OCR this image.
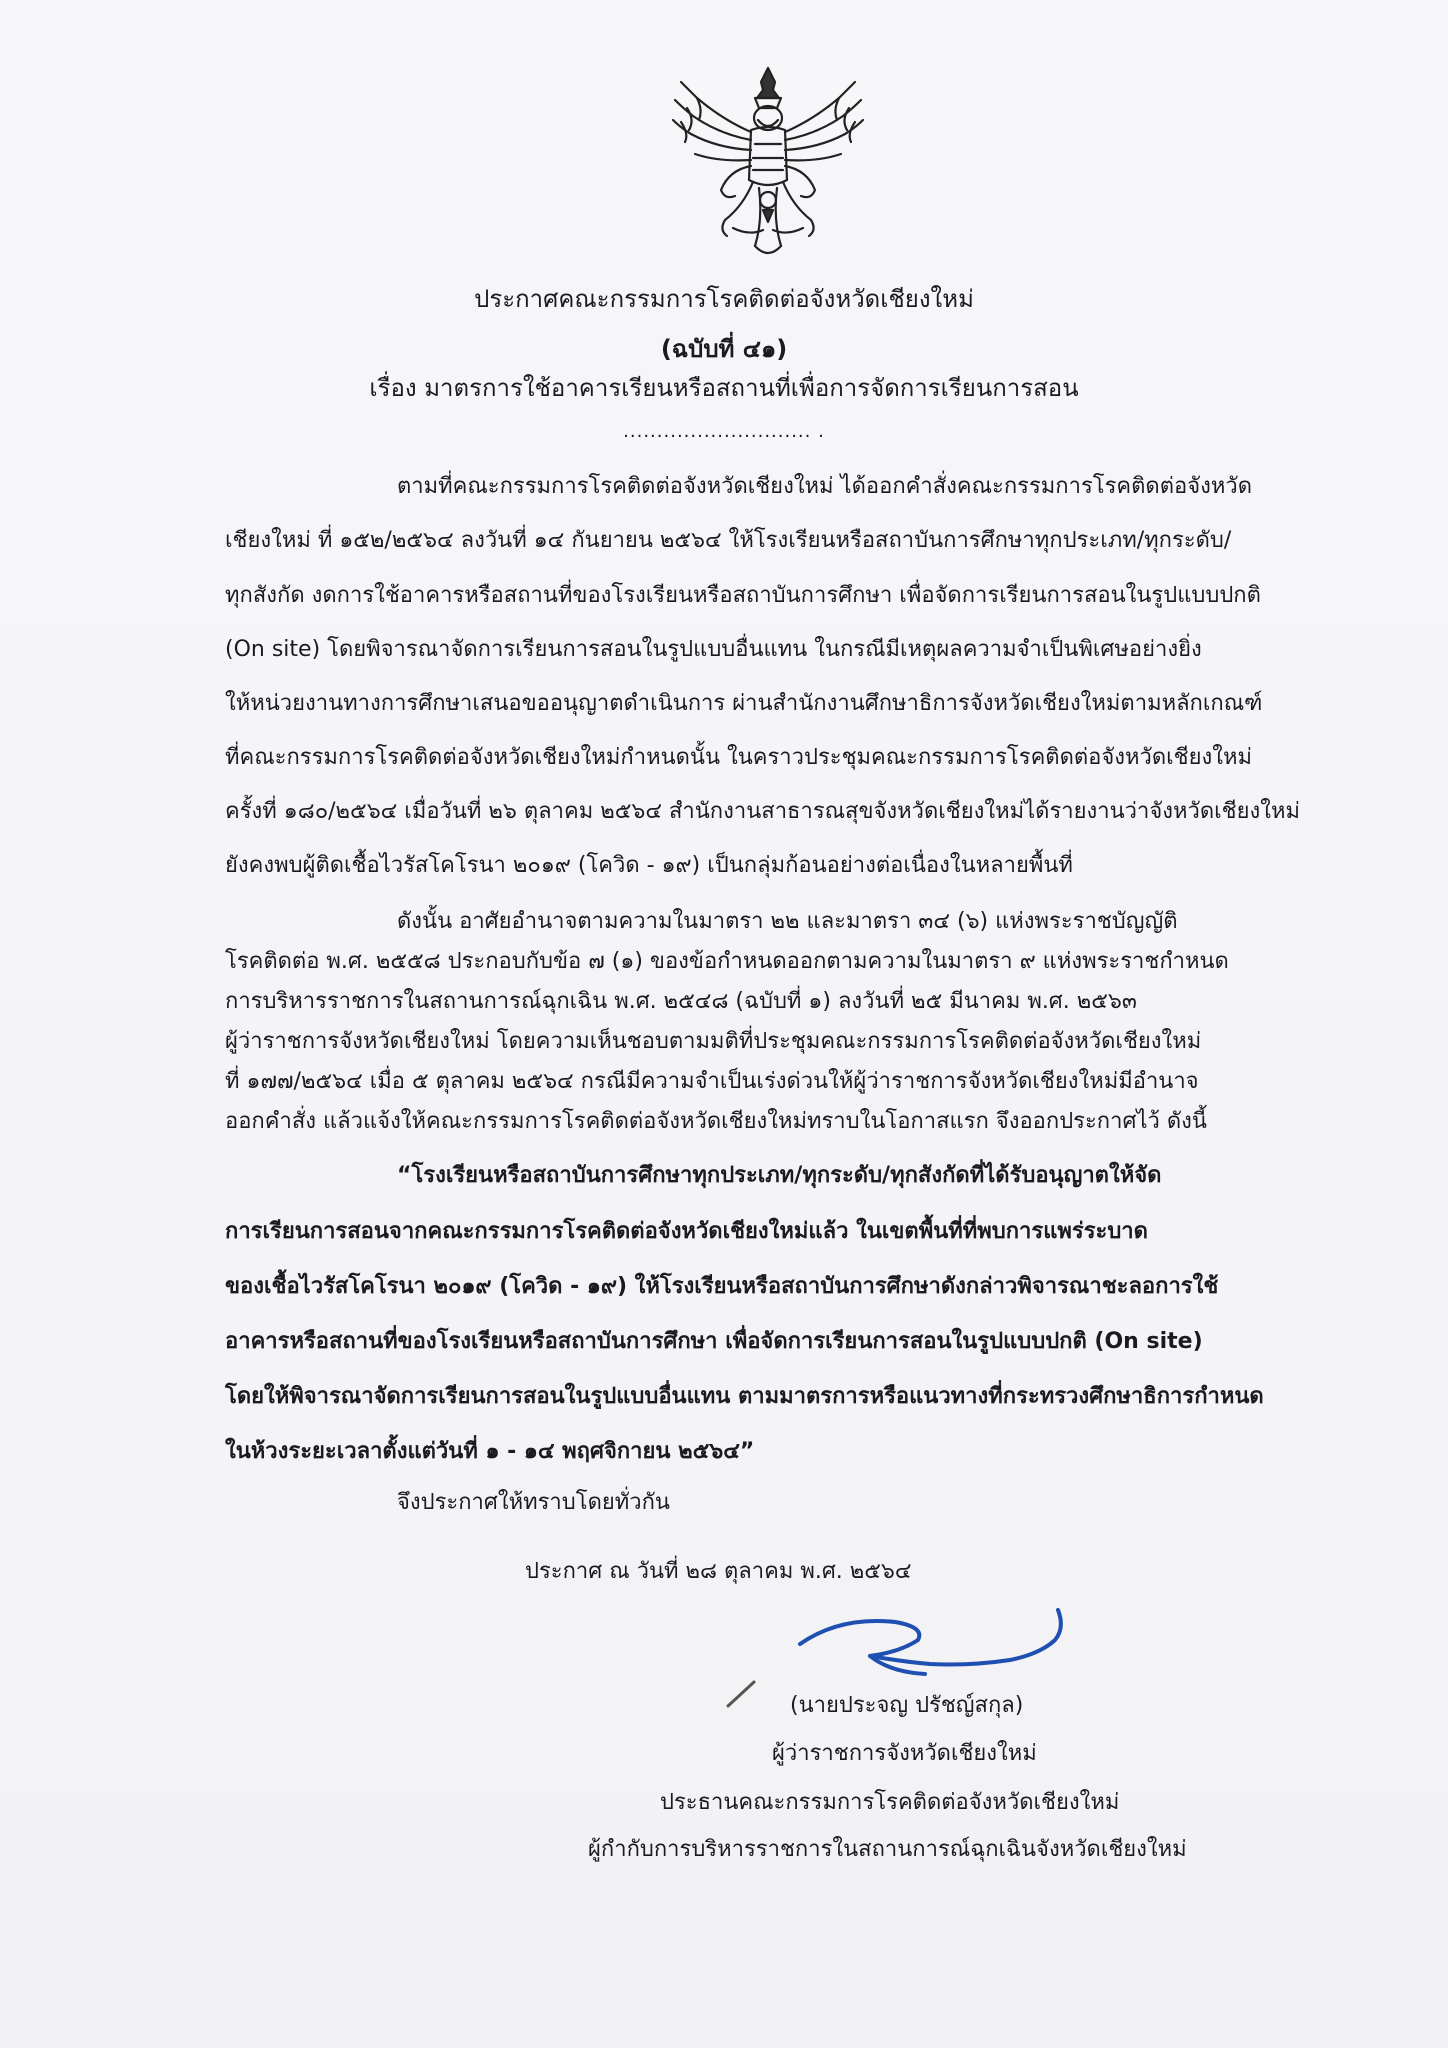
ประกาศคณะกรรมการโรคติดต่อจังหวัดเชียงใหม่
(ฉบับที่ ๔๑)
เรื่อง มาตรการใช้อาคารเรียนหรือสถานที่เพื่อการจัดการเรียนการสอน
............................ .
ตามที่คณะกรรมการโรคติดต่อจังหวัดเชียงใหม่ ได้ออกคำสั่งคณะกรรมการโรคติดต่อจังหวัด
เชียงใหม่ ที่ ๑๕๒/๒๕๖๔ ลงวันที่ ๑๔ กันยายน ๒๕๖๔ ให้โรงเรียนหรือสถาบันการศึกษาทุกประเภท/ทุกระดับ/
ทุกสังกัด งดการใช้อาคารหรือสถานที่ของโรงเรียนหรือสถาบันการศึกษา เพื่อจัดการเรียนการสอนในรูปแบบปกติ
(On site) โดยพิจารณาจัดการเรียนการสอนในรูปแบบอื่นแทน ในกรณีมีเหตุผลความจำเป็นพิเศษอย่างยิ่ง
ให้หน่วยงานทางการศึกษาเสนอขออนุญาตดำเนินการ ผ่านสำนักงานศึกษาธิการจังหวัดเชียงใหม่ตามหลักเกณฑ์
ที่คณะกรรมการโรคติดต่อจังหวัดเชียงใหม่กำหนดนั้น ในคราวประชุมคณะกรรมการโรคติดต่อจังหวัดเชียงใหม่
ครั้งที่ ๑๘๐/๒๕๖๔ เมื่อวันที่ ๒๖ ตุลาคม ๒๕๖๔ สำนักงานสาธารณสุขจังหวัดเชียงใหม่ได้รายงานว่าจังหวัดเชียงใหม่
ยังคงพบผู้ติดเชื้อไวรัสโคโรนา ๒๐๑๙ (โควิด - ๑๙) เป็นกลุ่มก้อนอย่างต่อเนื่องในหลายพื้นที่
ดังนั้น อาศัยอำนาจตามความในมาตรา ๒๒ และมาตรา ๓๔ (๖) แห่งพระราชบัญญัติ
โรคติดต่อ พ.ศ. ๒๕๕๘ ประกอบกับข้อ ๗ (๑) ของข้อกำหนดออกตามความในมาตรา ๙ แห่งพระราชกำหนด
การบริหารราชการในสถานการณ์ฉุกเฉิน พ.ศ. ๒๕๔๘ (ฉบับที่ ๑) ลงวันที่ ๒๕ มีนาคม พ.ศ. ๒๕๖๓
ผู้ว่าราชการจังหวัดเชียงใหม่ โดยความเห็นชอบตามมติที่ประชุมคณะกรรมการโรคติดต่อจังหวัดเชียงใหม่
ที่ ๑๗๗/๒๕๖๔ เมื่อ ๕ ตุลาคม ๒๕๖๔ กรณีมีความจำเป็นเร่งด่วนให้ผู้ว่าราชการจังหวัดเชียงใหม่มีอำนาจ
ออกคำสั่ง แล้วแจ้งให้คณะกรรมการโรคติดต่อจังหวัดเชียงใหม่ทราบในโอกาสแรก จึงออกประกาศไว้ ดังนี้
“โรงเรียนหรือสถาบันการศึกษาทุกประเภท/ทุกระดับ/ทุกสังกัดที่ได้รับอนุญาตให้จัด
การเรียนการสอนจากคณะกรรมการโรคติดต่อจังหวัดเชียงใหม่แล้ว ในเขตพื้นที่ที่พบการแพร่ระบาด
ของเชื้อไวรัสโคโรนา ๒๐๑๙ (โควิด - ๑๙) ให้โรงเรียนหรือสถาบันการศึกษาดังกล่าวพิจารณาชะลอการใช้
อาคารหรือสถานที่ของโรงเรียนหรือสถาบันการศึกษา เพื่อจัดการเรียนการสอนในรูปแบบปกติ (On site)
โดยให้พิจารณาจัดการเรียนการสอนในรูปแบบอื่นแทน ตามมาตรการหรือแนวทางที่กระทรวงศึกษาธิการกำหนด
ในห้วงระยะเวลาตั้งแต่วันที่ ๑ - ๑๔ พฤศจิกายน ๒๕๖๔”
จึงประกาศให้ทราบโดยทั่วกัน
ประกาศ ณ วันที่ ๒๘ ตุลาคม พ.ศ. ๒๕๖๔
(นายประจญ ปรัชญ์สกุล)
ผู้ว่าราชการจังหวัดเชียงใหม่
ประธานคณะกรรมการโรคติดต่อจังหวัดเชียงใหม่
ผู้กำกับการบริหารราชการในสถานการณ์ฉุกเฉินจังหวัดเชียงใหม่
